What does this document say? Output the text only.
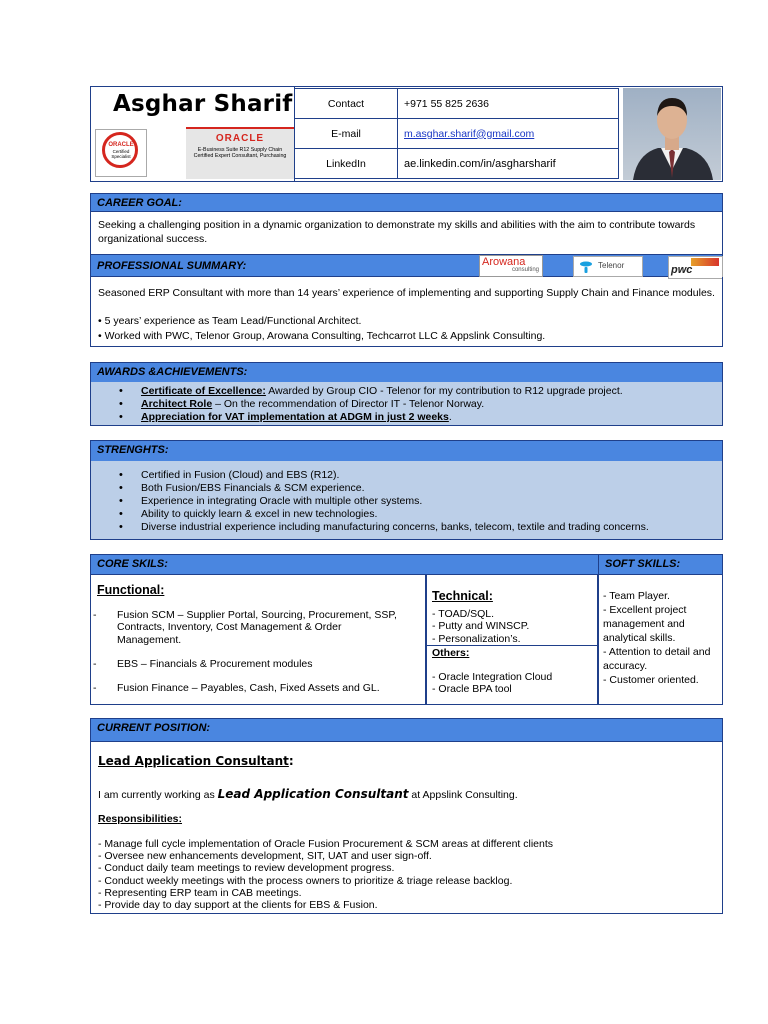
Asghar Sharif
ORACLE
Certified
Specialist
ORACLE
E-Business Suite R12 Supply Chain Certified Expert Consultant, Purchasing
Contact	+971 55 825 2636
E-mail	m.asghar.sharif@gmail.com
LinkedIn	ae.linkedin.com/in/asgharsharif
CAREER GOAL:
Seeking a challenging position in a dynamic organization to demonstrate my skills and abilities with the aim to contribute towards organizational success.
PROFESSIONAL SUMMARY:	Arowana
consulting	Telenor	pwc
Seasoned ERP Consultant with more than 14 years’ experience of implementing and supporting Supply Chain and Finance modules.
• 5 years’ experience as Team Lead/Functional Architect.
• Worked with PWC, Telenor Group, Arowana Consulting, Techcarrot LLC & Appslink Consulting.
AWARDS &ACHIEVEMENTS:
• Certificate of Excellence: Awarded by Group CIO - Telenor for my contribution to R12 upgrade project.
• Architect Role – On the recommendation of Director IT - Telenor Norway.
• Appreciation for VAT implementation at ADGM in just 2 weeks.
STRENGHTS:
• Certified in Fusion (Cloud) and EBS (R12).
• Both Fusion/EBS Financials & SCM experience.
• Experience in integrating Oracle with multiple other systems.
• Ability to quickly learn & excel in new technologies.
• Diverse industrial experience including manufacturing concerns, banks, telecom, textile and trading concerns.
CORE SKILS:	SOFT SKILLS:
Functional:
- Fusion SCM – Supplier Portal, Sourcing, Procurement, SSP, Contracts, Inventory, Cost Management & Order Management.
- EBS – Financials & Procurement modules
- Fusion Finance – Payables, Cash, Fixed Assets and GL.
Technical:
- TOAD/SQL.
- Putty and WINSCP.
- Personalization’s.
Others:
- Oracle Integration Cloud
- Oracle BPA tool
- Team Player.
- Excellent project management and analytical skills.
- Attention to detail and accuracy.
- Customer oriented.
CURRENT POSITION:
Lead Application Consultant:
I am currently working as Lead Application Consultant at Appslink Consulting.
Responsibilities:
- Manage full cycle implementation of Oracle Fusion Procurement & SCM areas at different clients
- Oversee new enhancements development, SIT, UAT and user sign-off.
- Conduct daily team meetings to review development progress.
- Conduct weekly meetings with the process owners to prioritize & triage release backlog.
- Representing ERP team in CAB meetings.
- Provide day to day support at the clients for EBS & Fusion.
